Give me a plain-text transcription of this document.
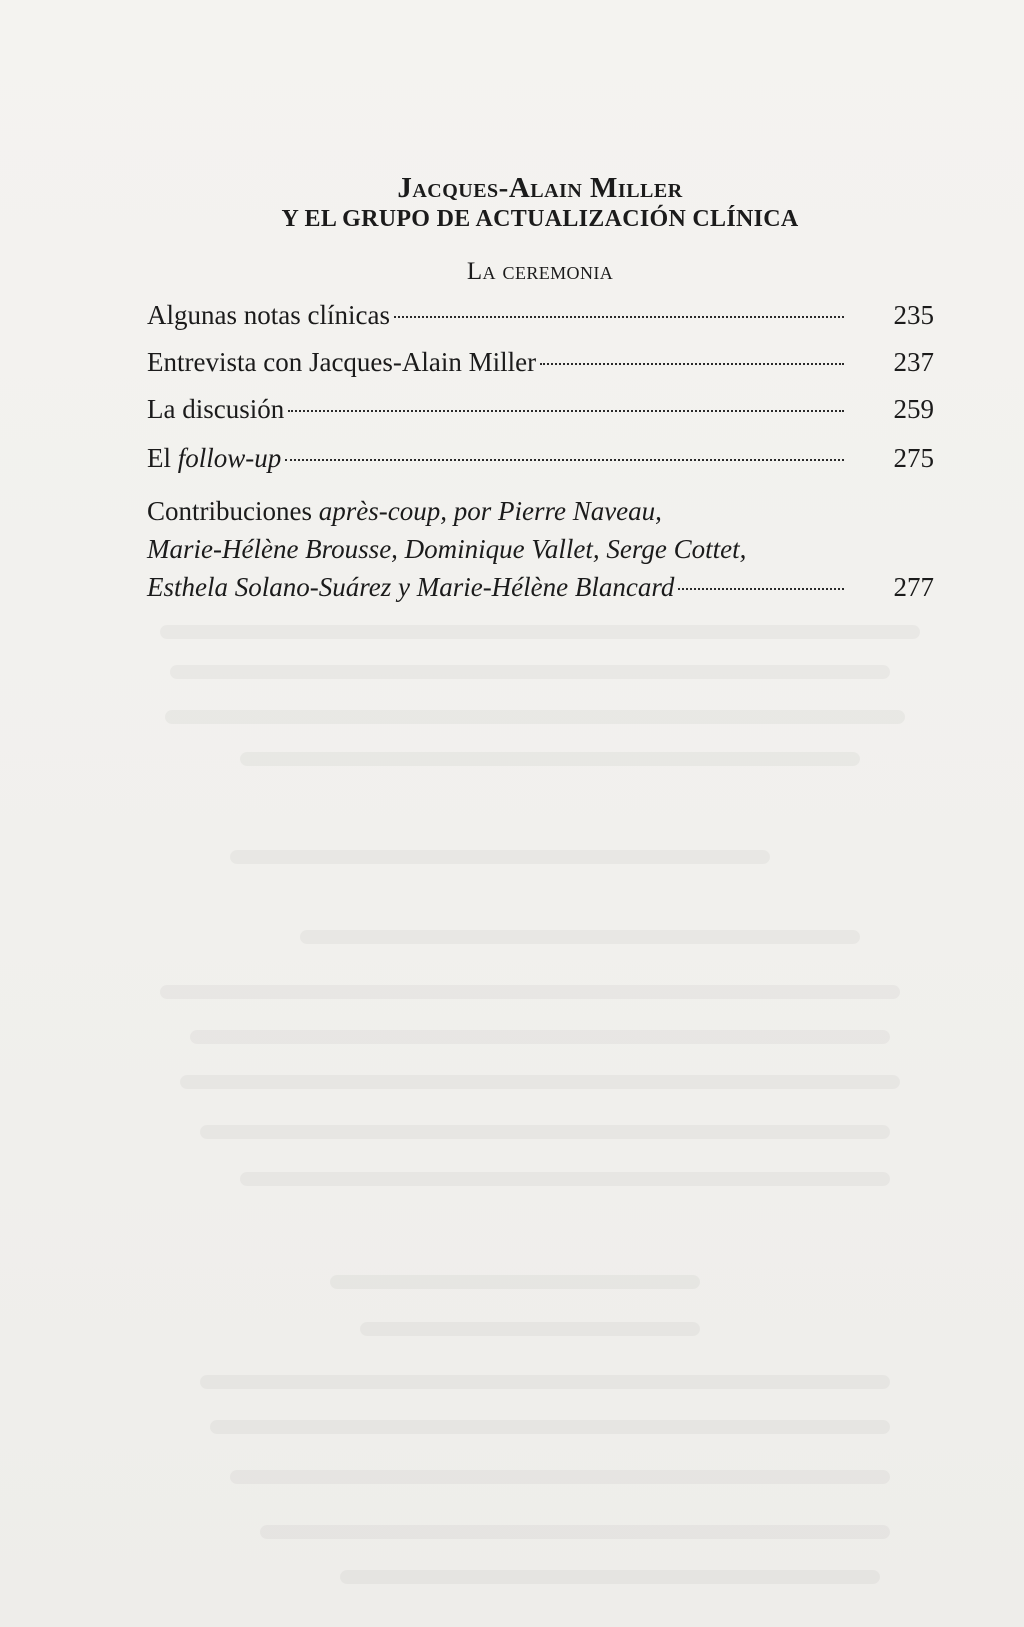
Jacques-Alain Miller
Y EL GRUPO DE ACTUALIZACIÓN CLÍNICA
La ceremonia
Algunas notas clínicas	235
Entrevista con Jacques-Alain Miller	237
La discusión	259
El follow-up	275
Contribuciones après-coup, por Pierre Naveau,
Marie-Hélène Brousse, Dominique Vallet, Serge Cottet,
Esthela Solano-Suárez y Marie-Hélène Blancard	277
